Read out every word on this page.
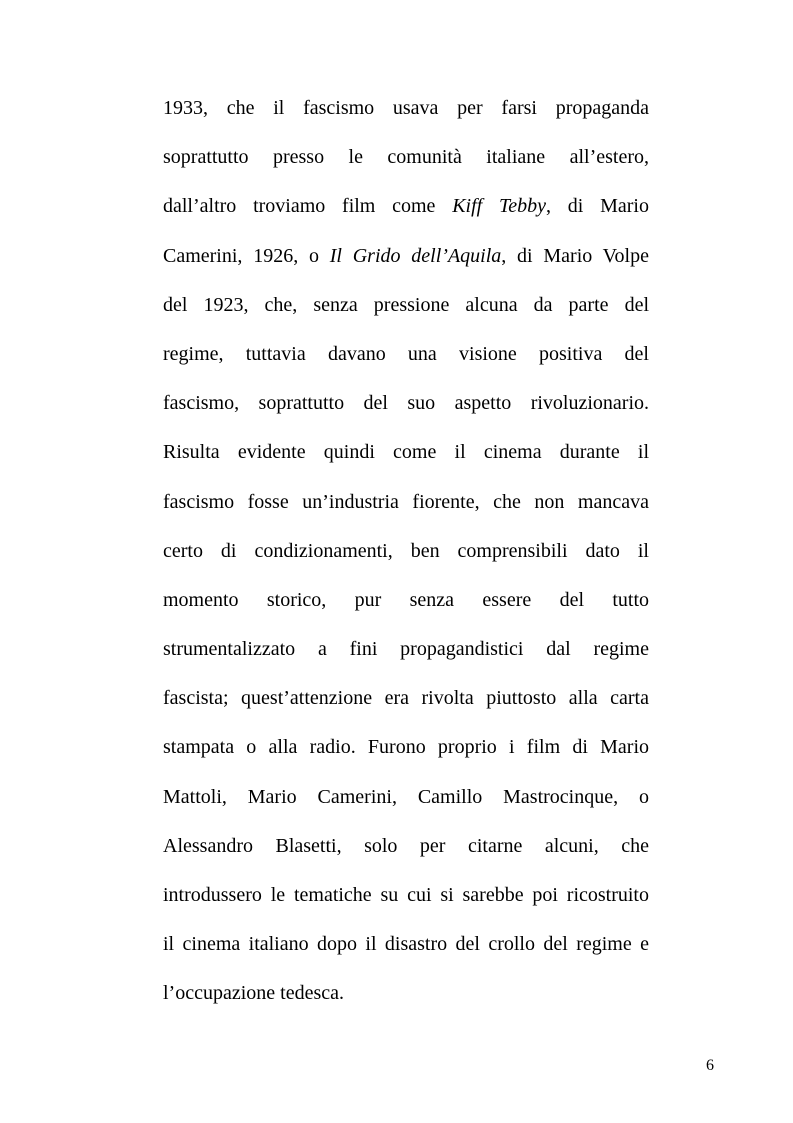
1933, che il fascismo usava per farsi propaganda
soprattutto presso le comunità italiane all’estero,
dall’altro troviamo film come Kiff Tebby, di Mario
Camerini, 1926, o Il Grido dell’Aquila, di Mario Volpe
del 1923, che, senza pressione alcuna da parte del
regime, tuttavia davano una visione positiva del
fascismo, soprattutto del suo aspetto rivoluzionario.
Risulta evidente quindi come il cinema durante il
fascismo fosse un’industria fiorente, che non mancava
certo di condizionamenti, ben comprensibili dato il
momento storico, pur senza essere del tutto
strumentalizzato a fini propagandistici dal regime
fascista; quest’attenzione era rivolta piuttosto alla carta
stampata o alla radio. Furono proprio i film di Mario
Mattoli, Mario Camerini, Camillo Mastrocinque, o
Alessandro Blasetti, solo per citarne alcuni, che
introdussero le tematiche su cui si sarebbe poi ricostruito
il cinema italiano dopo il disastro del crollo del regime e
l’occupazione tedesca.
6
